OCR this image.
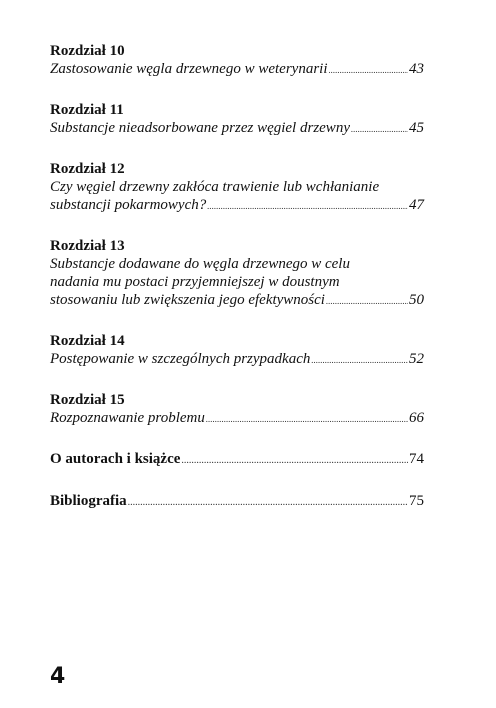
Rozdział 10
Zastosowanie węgla drzewnego w weterynarii .....	43
Rozdział 11
Substancje nieadsorbowane przez węgiel drzewny .....	45
Rozdział 12
Czy węgiel drzewny zakłóca trawienie lub wchłanianie
substancji pokarmowych? .....	47
Rozdział 13
Substancje dodawane do węgla drzewnego w celu
nadania mu postaci przyjemniejszej w doustnym
stosowaniu lub zwiększenia jego efektywności .....	50
Rozdział 14
Postępowanie w szczególnych przypadkach .....	52
Rozdział 15
Rozpoznawanie problemu .....	66
O autorach i książce .....	74
Bibliografia .....	75
4
